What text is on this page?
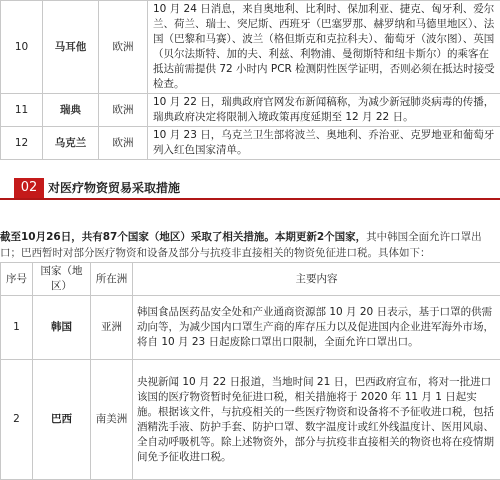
10	马耳他	欧洲	10 月 24 日消息，来自奥地利、比利时、保加利亚、捷克、匈牙利、爱尔兰、荷兰、瑞士、突尼斯、西班牙（巴塞罗那、赫罗纳和马德里地区）、法国（巴黎和马赛）、波兰（格但斯克和克拉科夫）、葡萄牙（波尔图）、英国（贝尔法斯特、加的夫、利兹、利物浦、曼彻斯特和纽卡斯尔）的乘客在抵达前需提供 72 小时内 PCR 检测阴性医学证明，否则必须在抵达时接受检查。
11	瑞典	欧洲	10 月 22 日，瑞典政府官网发布新闻稿称，为减少新冠肺炎病毒的传播，瑞典政府决定将限制入境政策再度延期至 12 月 22 日。
12	乌克兰	欧洲	10 月 23 日，乌克兰卫生部将波兰、奥地利、乔治亚、克罗地亚和葡萄牙列入红色国家清单。
02 对医疗物资贸易采取措施
截至10月26日，共有87个国家（地区）采取了相关措施。本期更新2个国家，其中韩国全面允许口罩出口；巴西暂时对部分医疗物资和设备及部分与抗疫非直接相关的物资免征进口税。具体如下：
序号	国家（地区）	所在洲	主要内容
1	韩国	亚洲	韩国食品医药品安全处和产业通商资源部 10 月 20 日表示，基于口罩的供需动向等，为减少国内口罩生产商的库存压力以及促进国内企业进军海外市场，将自 10 月 23 日起废除口罩出口限制，全面允许口罩出口。
2	巴西	南美洲	央视新闻 10 月 22 日报道，当地时间 21 日，巴西政府宣布，将对一批进口该国的医疗物资暂时免征进口税，相关措施将于 2020 年 11 月 1 日起实施。根据该文件，与抗疫相关的一些医疗物资和设备将不予征收进口税，包括酒精洗手液、防护手套、防护口罩、数字温度计或红外线温度计、医用风扇、全自动呼吸机等。除上述物资外，部分与抗疫非直接相关的物资也将在疫情期间免予征收进口税。
